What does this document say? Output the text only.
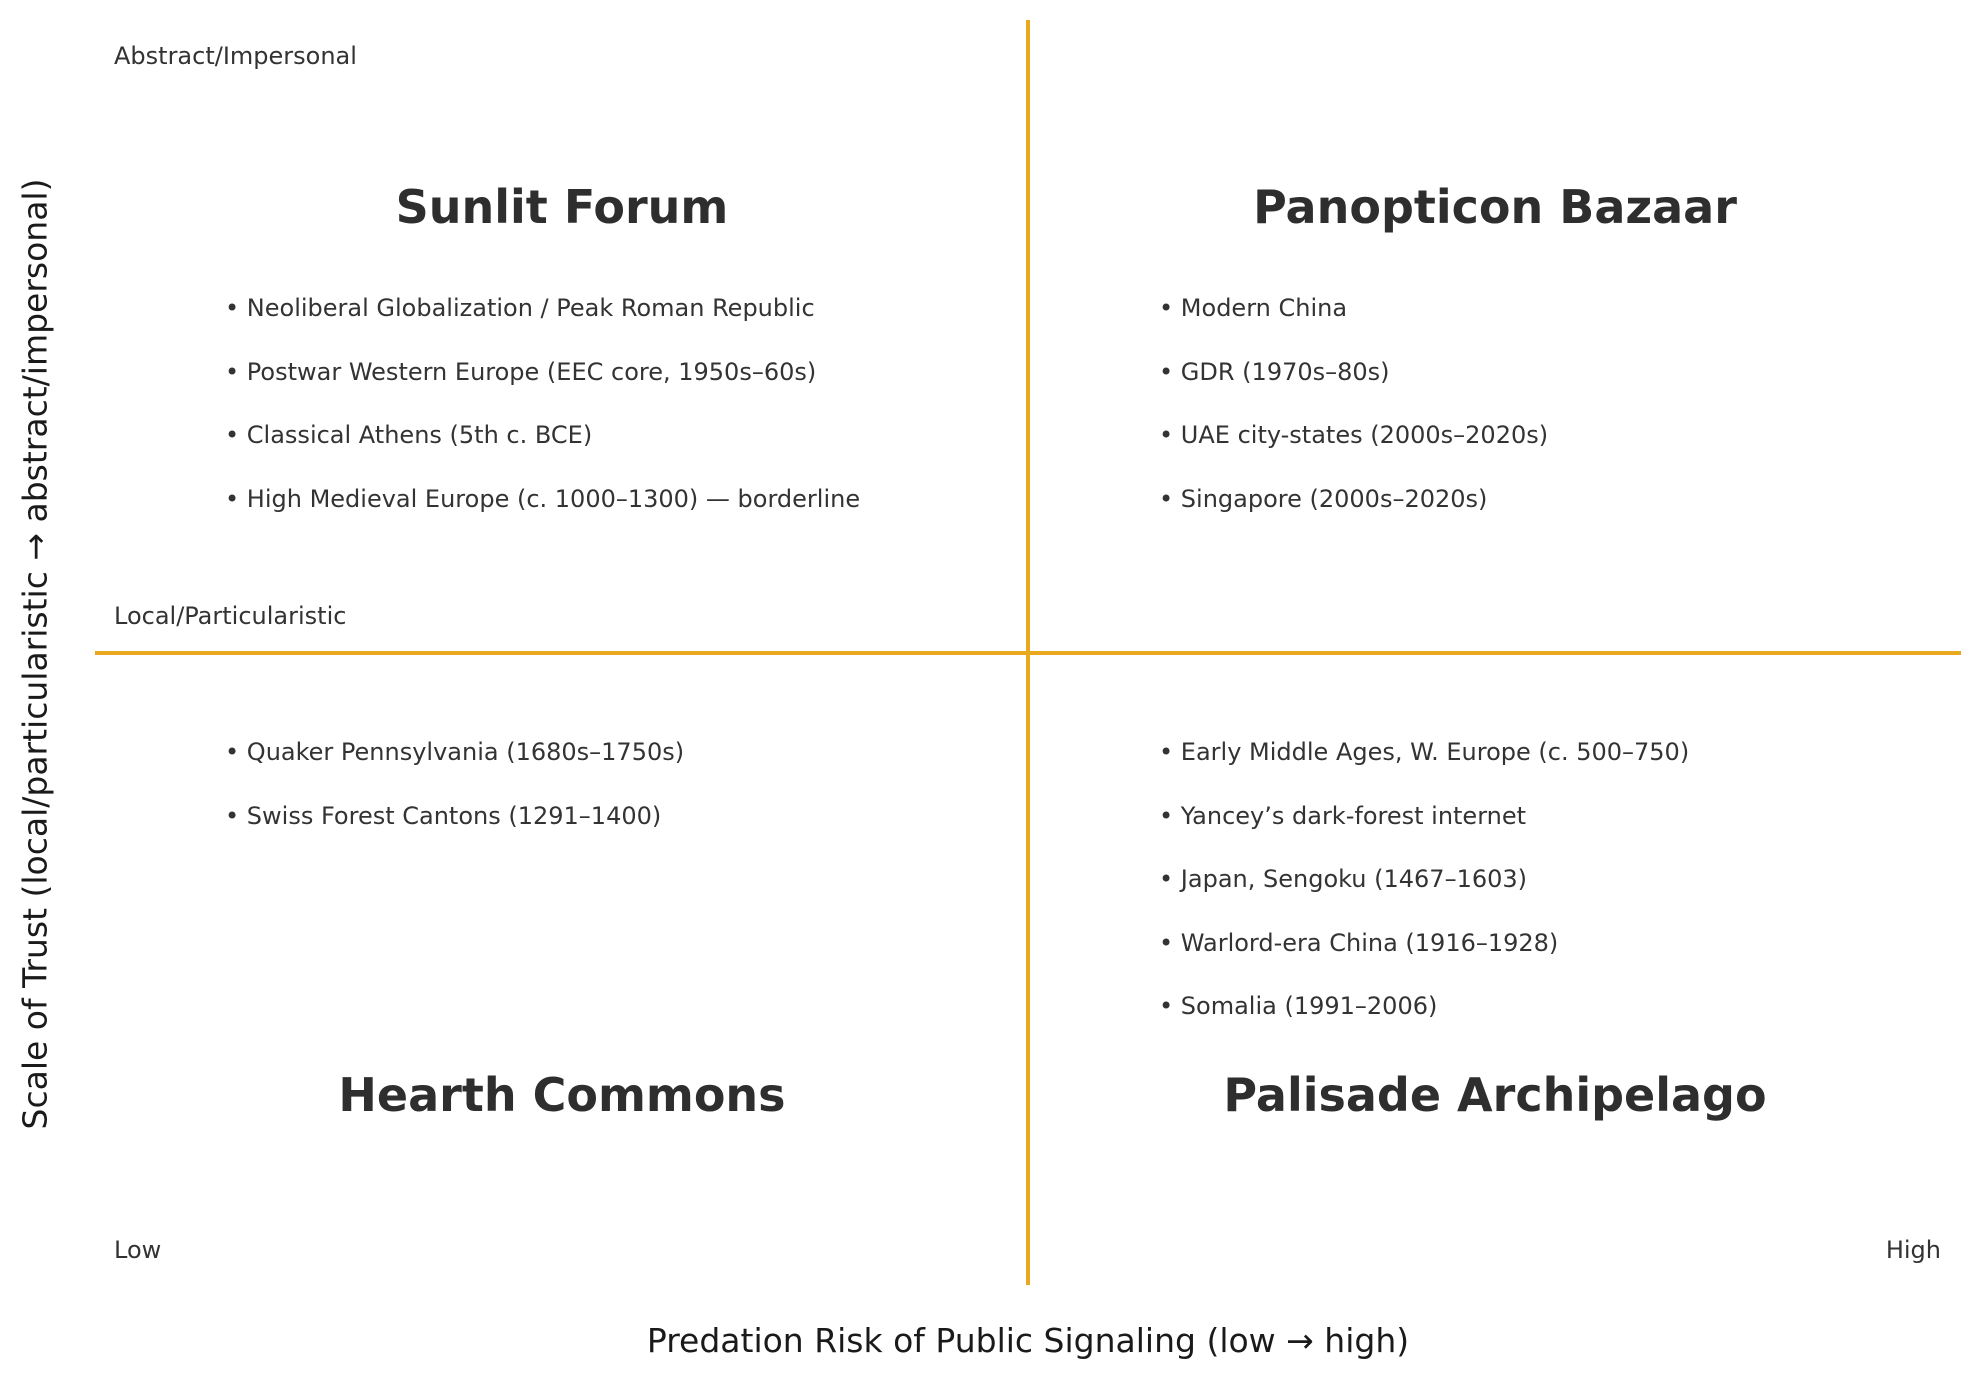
Abstract/Impersonal
Local/Particularistic
Low	High
Sunlit Forum	Panopticon Bazaar
Hearth Commons	Palisade Archipelago
• Neoliberal Globalization / Peak Roman Republic
• Postwar Western Europe (EEC core, 1950s–60s)
• Classical Athens (5th c. BCE)
• High Medieval Europe (c. 1000–1300) — borderline
• Modern China
• GDR (1970s–80s)
• UAE city-states (2000s–2020s)
• Singapore (2000s–2020s)
• Quaker Pennsylvania (1680s–1750s)
• Swiss Forest Cantons (1291–1400)
• Early Middle Ages, W. Europe (c. 500–750)
• Yancey’s dark-forest internet
• Japan, Sengoku (1467–1603)
• Warlord-era China (1916–1928)
• Somalia (1991–2006)
Predation Risk of Public Signaling (low → high)
Scale of Trust (local/particularistic → abstract/impersonal)
